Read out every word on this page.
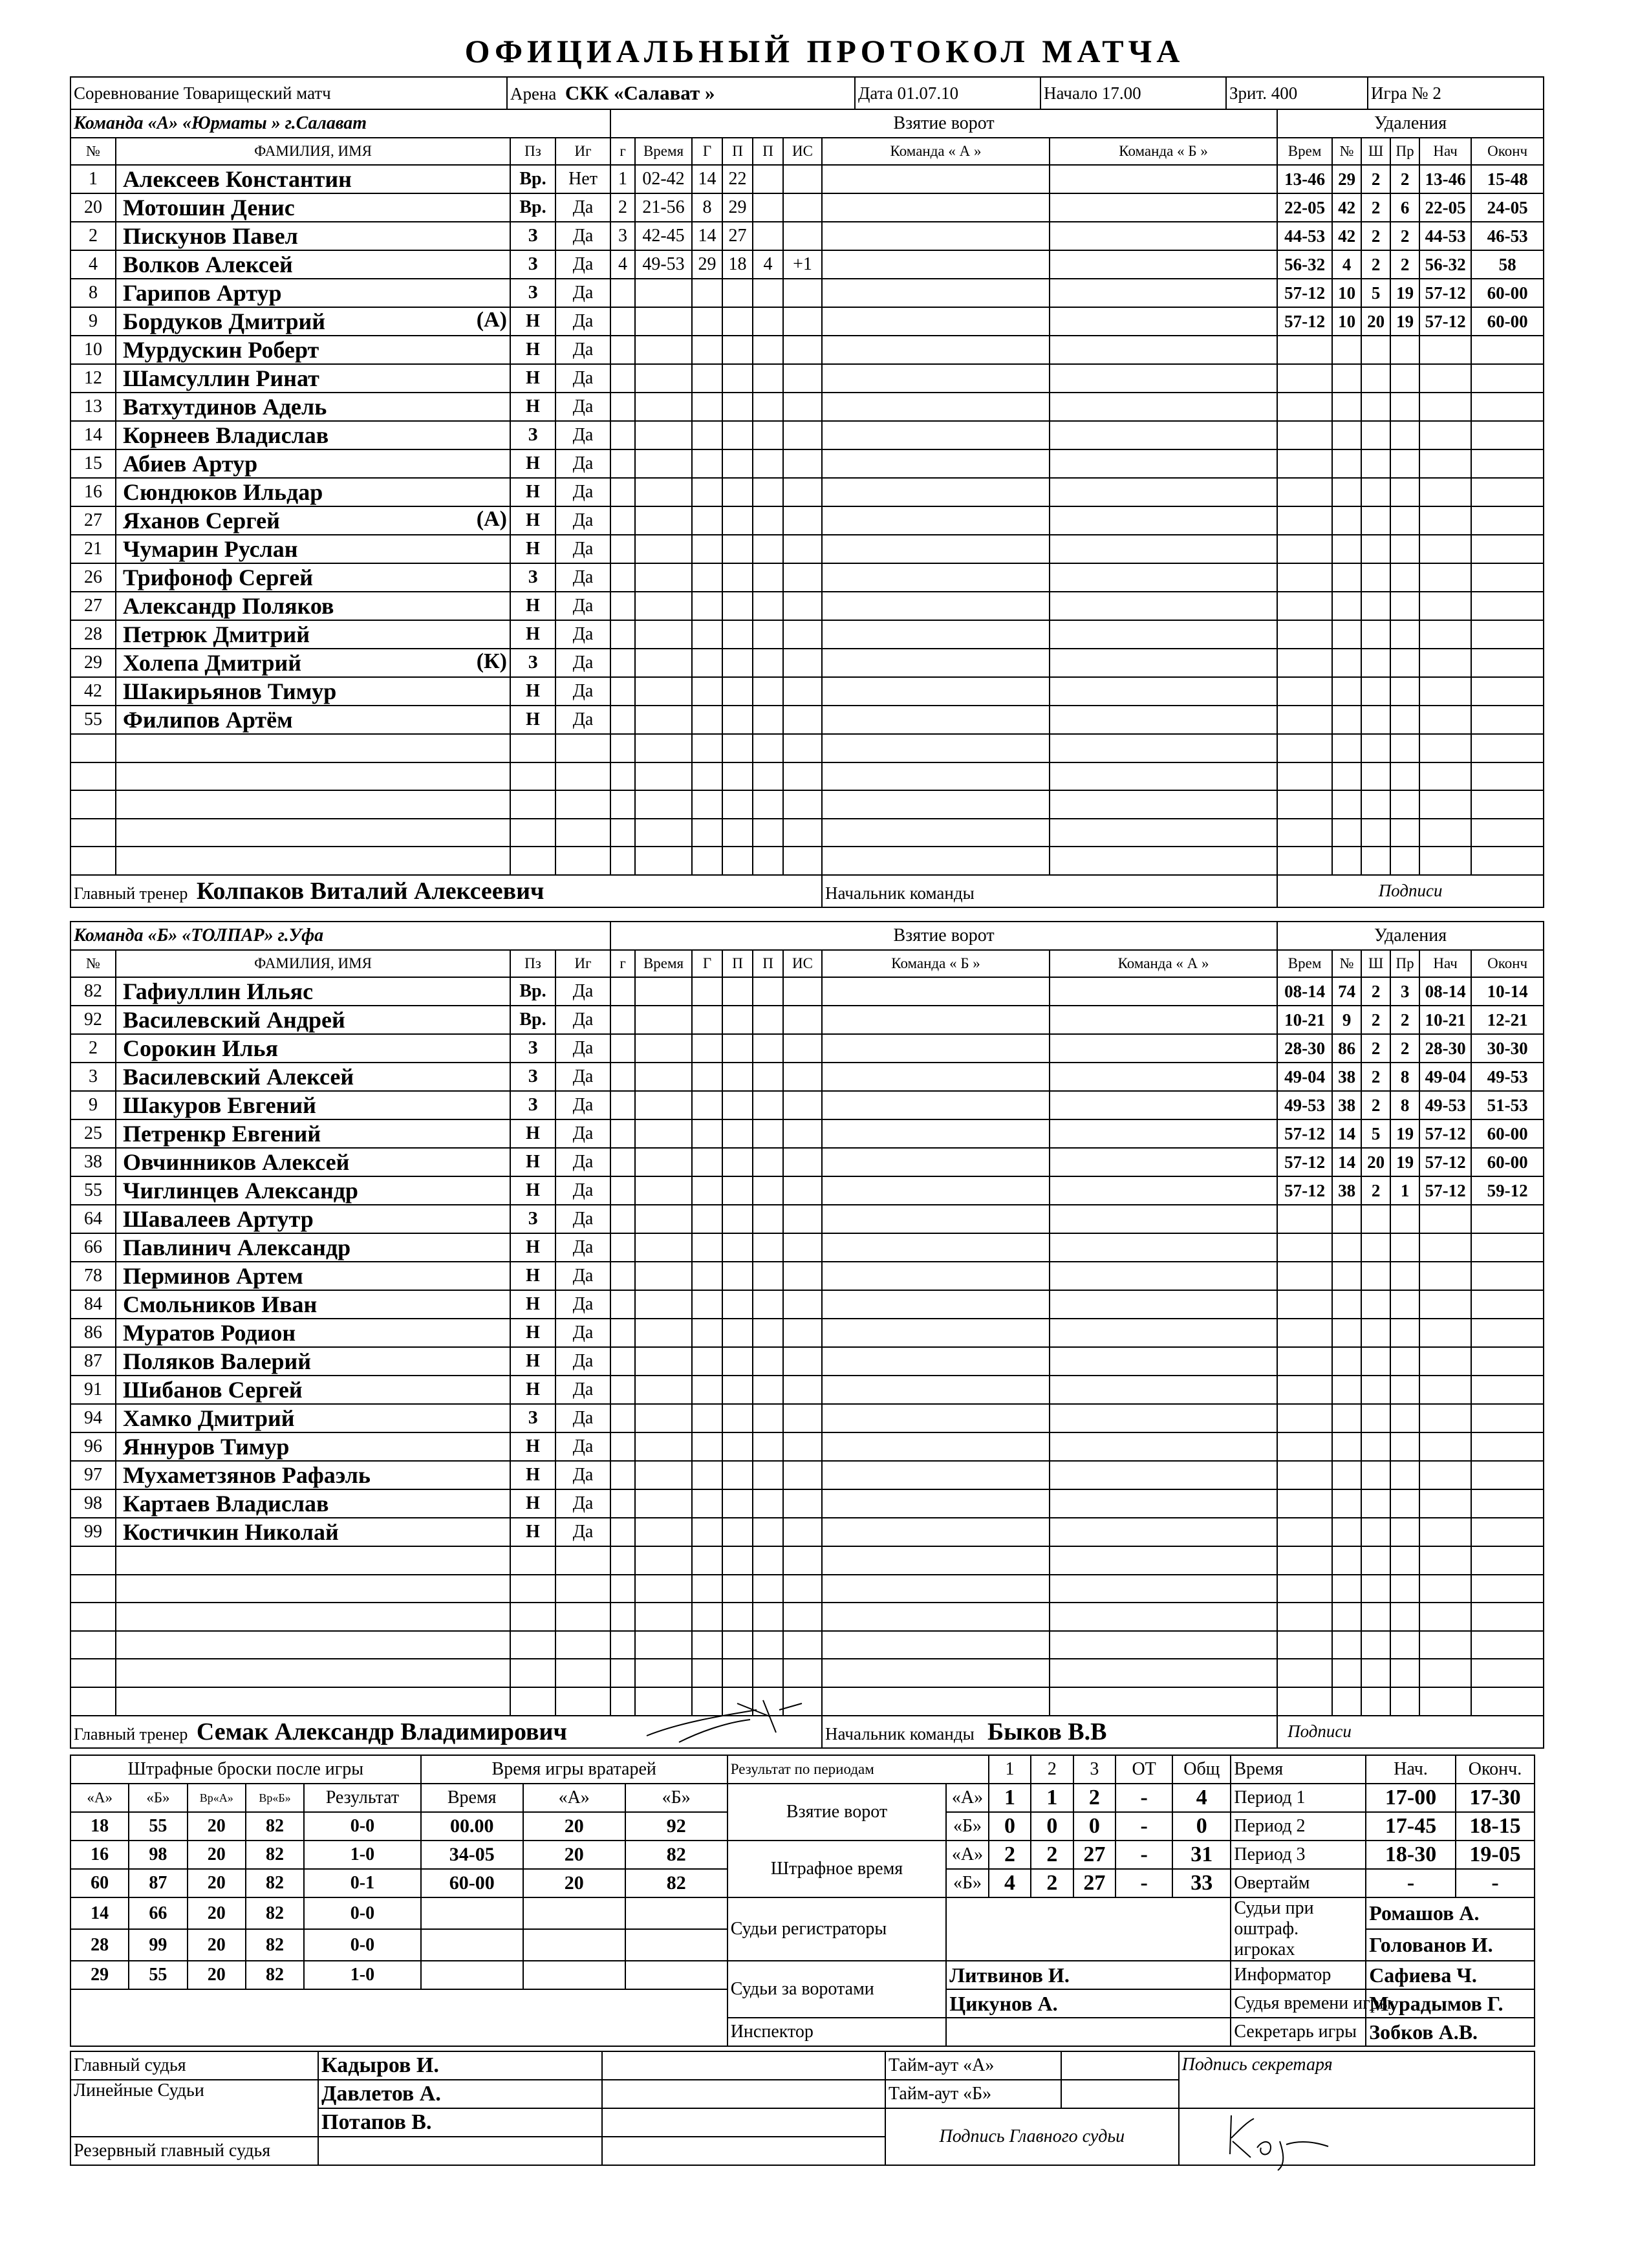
ОФИЦИАЛЬНЫЙ ПРОТОКОЛ МАТЧА
Соревнование Товарищеский матч	Арена СКК «Салават »	Дата 01.07.10	Начало 17.00	Зрит. 400	Игра № 2
Команда «А» «Юрматы » г.Салават				Взятие ворот								Удаления					
№	ФАМИЛИЯ, ИМЯ	Пз	Иг	г	Время	Г	П	П	ИС	Команда « А »	Команда « Б »	Врем	№	Ш	Пр	Нач	Оконч
1	Алексеев Константин	Вр.	Нет	1	02-42	14	22					13-46	29	2	2	13-46	15-48
20	Мотошин Денис	Вр.	Да	2	21-56	8	29					22-05	42	2	6	22-05	24-05
2	Пискунов Павел	З	Да	3	42-45	14	27					44-53	42	2	2	44-53	46-53
4	Волков Алексей	З	Да	4	49-53	29	18	4	+1			56-32	4	2	2	56-32	58
8	Гарипов Артур	З	Да									57-12	10	5	19	57-12	60-00
9	Бордуков Дмитрий (А)	Н	Да									57-12	10	20	19	57-12	60-00
10	Мурдускин Роберт	Н	Да														
12	Шамсуллин Ринат	Н	Да														
13	Ватхутдинов Адель	Н	Да														
14	Корнеев Владислав	З	Да														
15	Абиев Артур	Н	Да														
16	Сюндюков Ильдар	Н	Да														
27	Яханов Сергей (А)	Н	Да														
21	Чумарин Руслан	Н	Да														
26	Трифоноф Сергей	З	Да														
27	Александр Поляков	Н	Да														
28	Петрюк Дмитрий	Н	Да														
29	Холепа Дмитрий (К)	З	Да														
42	Шакирьянов Тимур	Н	Да														
55	Филипов Артём	Н	Да														

Главный тренер Колпаков Виталий Алексеевич										Начальник команды		Подписи					
Команда «Б» «ТОЛПАР» г.Уфа				Взятие ворот								Удаления					
№	ФАМИЛИЯ, ИМЯ	Пз	Иг	г	Время	Г	П	П	ИС	Команда « Б »	Команда « А »	Врем	№	Ш	Пр	Нач	Оконч
82	Гафиуллин Ильяс	Вр.	Да									08-14	74	2	3	08-14	10-14
92	Василевский Андрей	Вр.	Да									10-21	9	2	2	10-21	12-21
2	Сорокин Илья	З	Да									28-30	86	2	2	28-30	30-30
3	Василевский Алексей	З	Да									49-04	38	2	8	49-04	49-53
9	Шакуров Евгений	З	Да									49-53	38	2	8	49-53	51-53
25	Петренкр Евгений	Н	Да									57-12	14	5	19	57-12	60-00
38	Овчинников Алексей	Н	Да									57-12	14	20	19	57-12	60-00
55	Чиглинцев Александр	Н	Да									57-12	38	2	1	57-12	59-12
64	Шавалеев Артутр	З	Да														
66	Павлинич Александр	Н	Да														
78	Перминов Артем	Н	Да														
84	Смольников Иван	Н	Да														
86	Муратов Родион	Н	Да														
87	Поляков Валерий	Н	Да														
91	Шибанов Сергей	Н	Да														
94	Хамко Дмитрий	З	Да														
96	Яннуров Тимур	Н	Да														
97	Мухаметзянов Рафаэль	Н	Да														
98	Картаев Владислав	Н	Да														
99	Костичкин Николай	Н	Да														

Главный тренер Семак Александр Владимирович										Начальник команды Быков В.В		Подписи					
Штрафные броски после игры					Время игры вратарей			Результат по периодам		1	2	3	ОТ	Общ	Время	Нач.	Оконч.
«А»	«Б»	Вр«А»	Вр«Б»	Результат	Время	«А»	«Б»	Взятие ворот	«А»	1	1	2	-	4	Период 1	17-00	17-30
18	55	20	82	0-0	00.00	20	92		«Б»	0	0	0	-	0	Период 2	17-45	18-15
16	98	20	82	1-0	34-05	20	82	Штрафное время	«А»	2	2	27	-	31	Период 3	18-30	19-05
60	87	20	82	0-1	60-00	20	82		«Б»	4	2	27	-	33	Овертайм	-	-
14	66	20	82	0-0				Судьи регистраторы							Судьи при оштраф. игроках	Ромашов А.	
28	99	20	82	0-0												Голованов И.	
29	55	20	82	1-0				Судьи за воротами	Литвинов И.						Информатор	Сафиева Ч.	
									Цикунов А.						Судья времени игры	Мурадымов Г.	
								Инспектор							Секретарь игры	Зобков А.В.	
Главный судья	Кадыров И.		Тайм-аут «А»		Подпись секретаря
Линейные Судьи	Давлетов А.		Тайм-аут «Б»		
	Потапов В.		Подпись Главного судьи	

Резервный главный судья					
